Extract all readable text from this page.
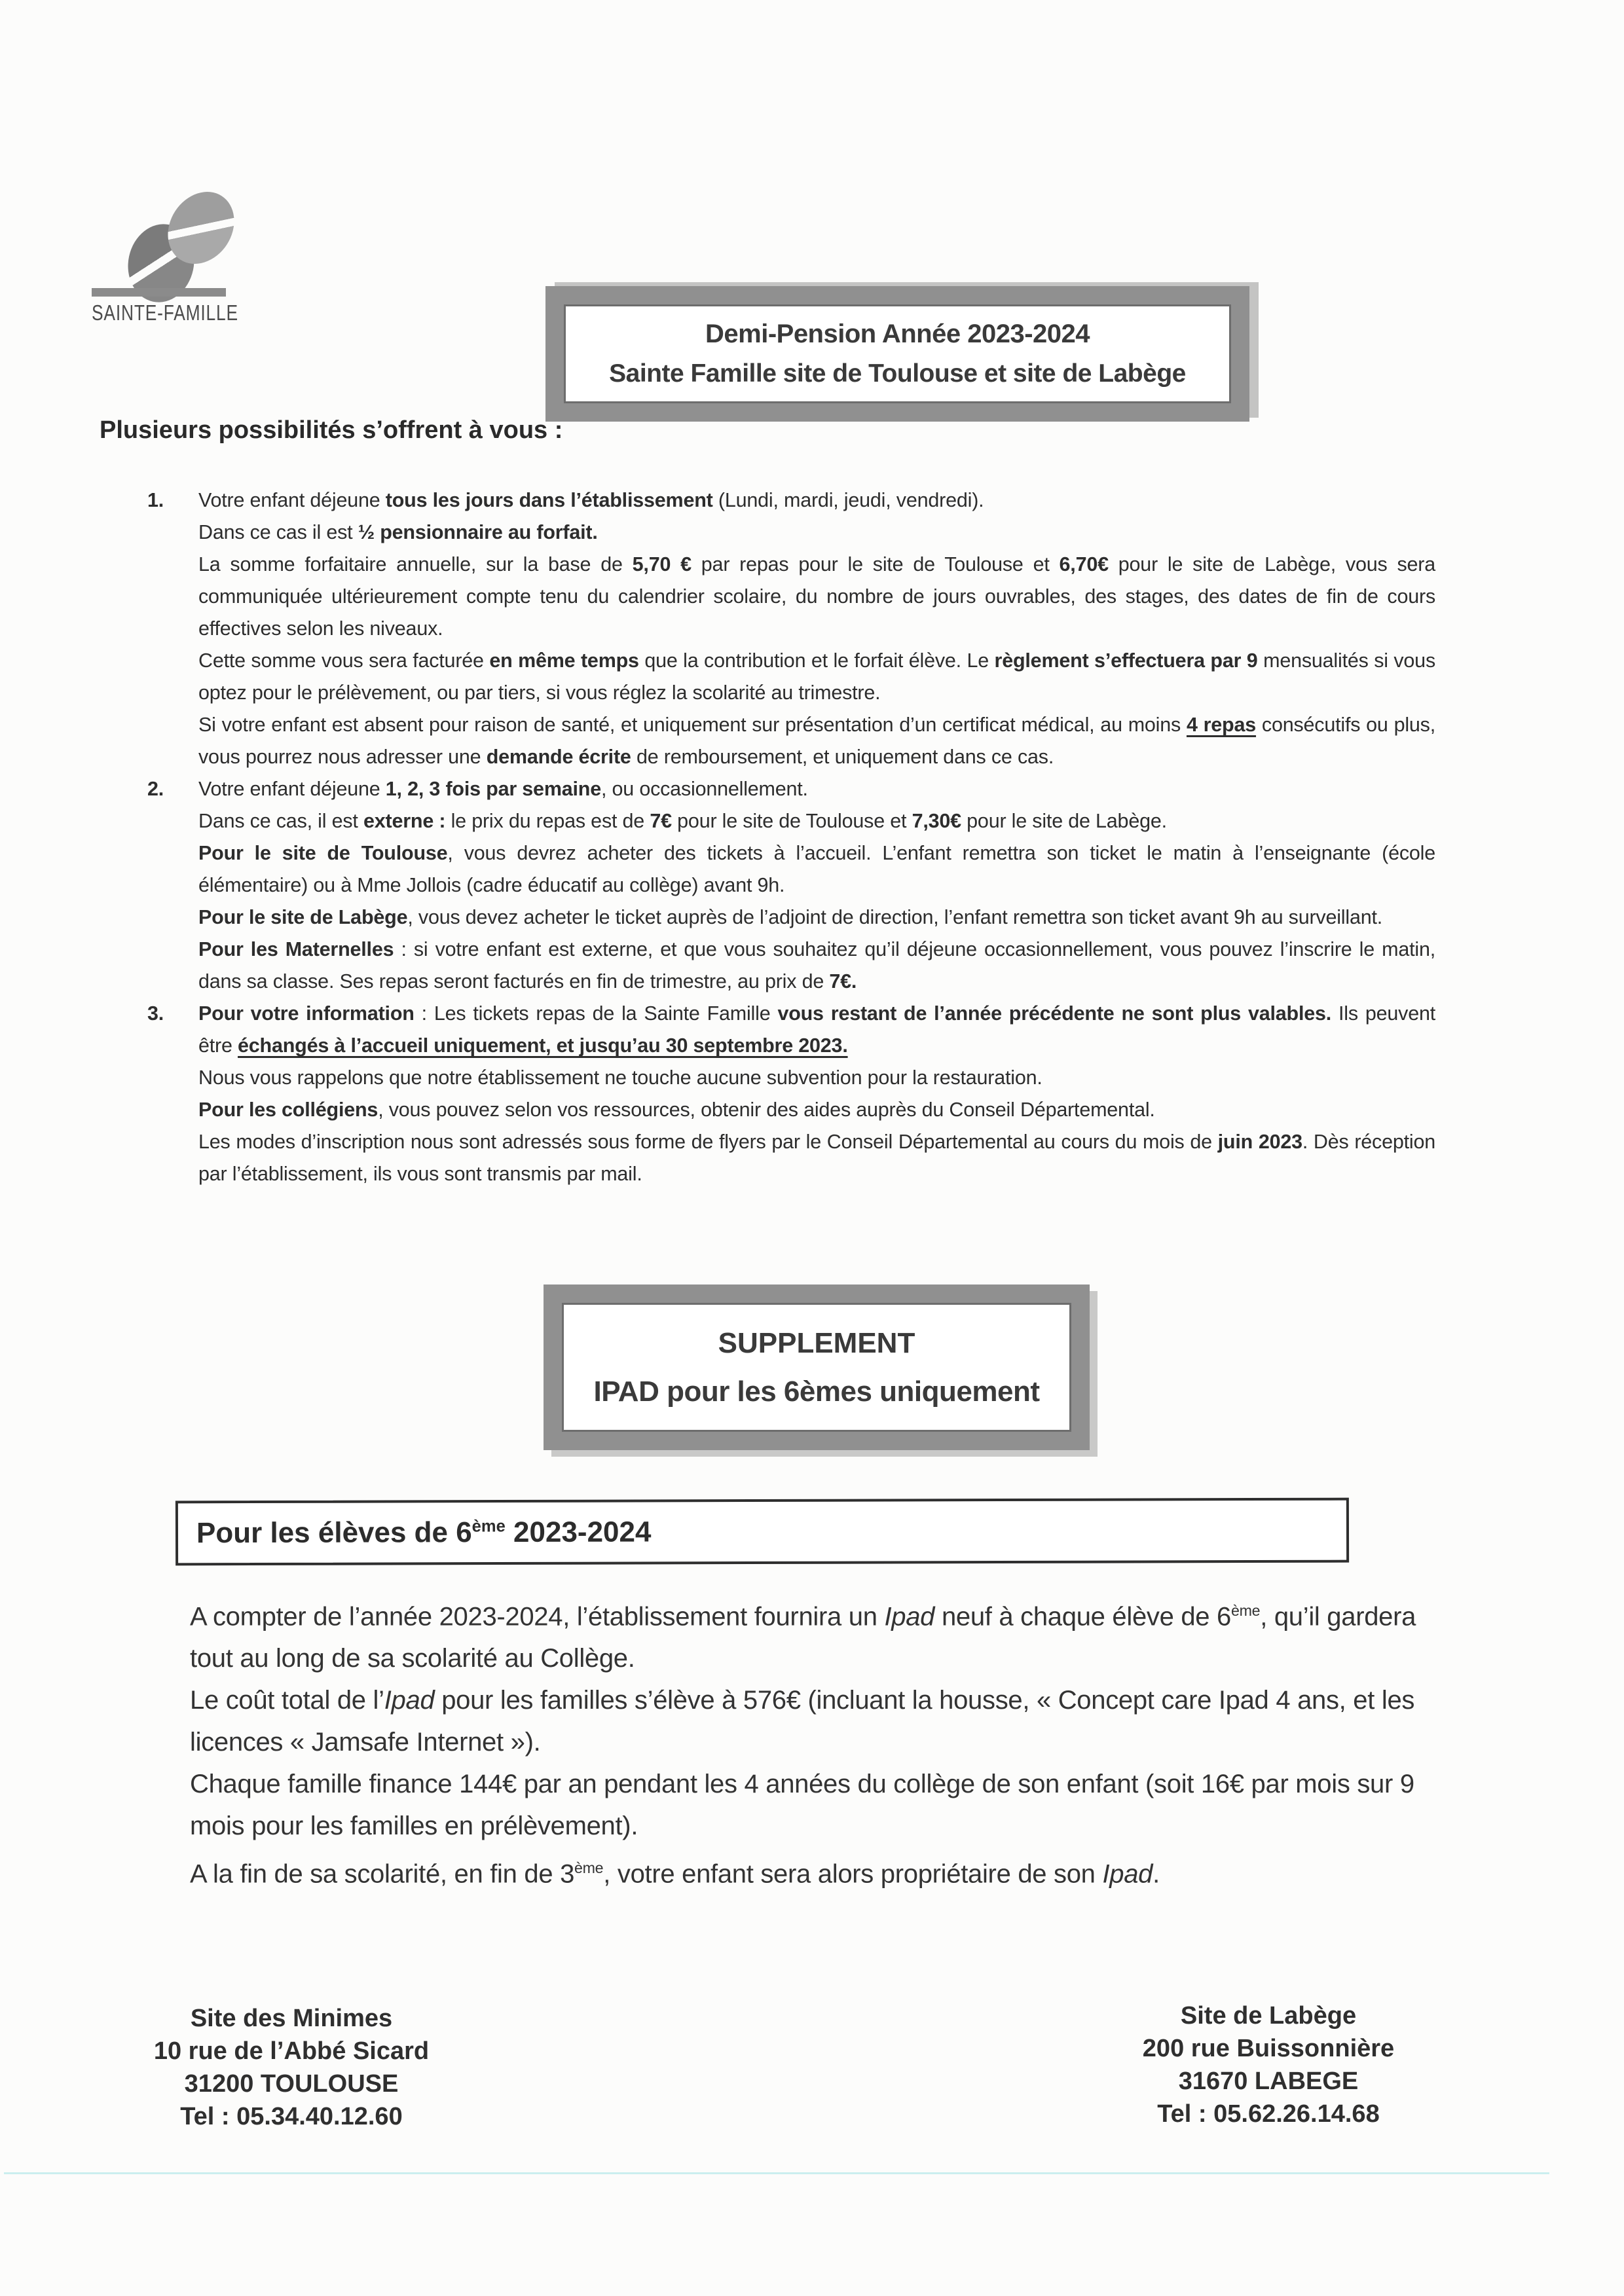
SAINTE-FAMILLE
Demi-Pension Année 2023-2024
Sainte Famille site de Toulouse et site de Labège
Plusieurs possibilités s’offrent à vous :
1.	Votre enfant déjeune tous les jours dans l’établissement (Lundi, mardi, jeudi, vendredi).

Dans ce cas il est ½ pensionnaire au forfait.

La somme forfaitaire annuelle, sur la base de 5,70 € par repas pour le site de Toulouse et 6,70€ pour le site de Labège, vous sera communiquée ultérieurement compte tenu du calendrier scolaire, du nombre de jours ouvrables, des stages, des dates de fin de cours effectives selon les niveaux.

Cette somme vous sera facturée en même temps que la contribution et le forfait élève. Le règlement s’effectuera par 9 mensualités si vous optez pour le prélèvement, ou par tiers, si vous réglez la scolarité au trimestre.

Si votre enfant est absent pour raison de santé, et uniquement sur présentation d’un certificat médical, au moins 4 repas consécutifs ou plus, vous pourrez nous adresser une demande écrite de remboursement, et uniquement dans ce cas.

2.	Votre enfant déjeune 1, 2, 3 fois par semaine, ou occasionnellement.

Dans ce cas, il est externe : le prix du repas est de 7€ pour le site de Toulouse et 7,30€ pour le site de Labège.

Pour le site de Toulouse, vous devrez acheter des tickets à l’accueil. L’enfant remettra son ticket le matin à l’enseignante (école élémentaire) ou à Mme Jollois (cadre éducatif au collège) avant 9h.

Pour le site de Labège, vous devez acheter le ticket auprès de l’adjoint de direction, l’enfant remettra son ticket avant 9h au surveillant.

Pour les Maternelles : si votre enfant est externe, et que vous souhaitez qu’il déjeune occasionnellement, vous pouvez l’inscrire le matin, dans sa classe. Ses repas seront facturés en fin de trimestre, au prix de 7€.

3.	Pour votre information : Les tickets repas de la Sainte Famille vous restant de l’année précédente ne sont plus valables. Ils peuvent être échangés à l’accueil uniquement, et jusqu’au 30 septembre 2023.

Nous vous rappelons que notre établissement ne touche aucune subvention pour la restauration.

Pour les collégiens, vous pouvez selon vos ressources, obtenir des aides auprès du Conseil Départemental.

Les modes d’inscription nous sont adressés sous forme de flyers par le Conseil Départemental au cours du mois de juin 2023. Dès réception par l’établissement, ils vous sont transmis par mail.

SUPPLEMENT
IPAD pour les 6èmes uniquement
Pour les élèves de 6ème 2023-2024

A compter de l’année 2023-2024, l’établissement fournira un Ipad neuf à chaque élève de 6ème, qu’il gardera tout au long de sa scolarité au Collège.

Le coût total de l’Ipad pour les familles s’élève à 576€ (incluant la housse, « Concept care Ipad 4 ans, et les licences « Jamsafe Internet »).

Chaque famille finance 144€ par an pendant les 4 années du collège de son enfant (soit 16€ par mois sur 9 mois pour les familles en prélèvement).

A la fin de sa scolarité, en fin de 3ème, votre enfant sera alors propriétaire de son Ipad.

Site des Minimes
10 rue de l’Abbé Sicard
31200 TOULOUSE
Tel : 05.34.40.12.60
Site de Labège
200 rue Buissonnière
31670 LABEGE
Tel : 05.62.26.14.68
